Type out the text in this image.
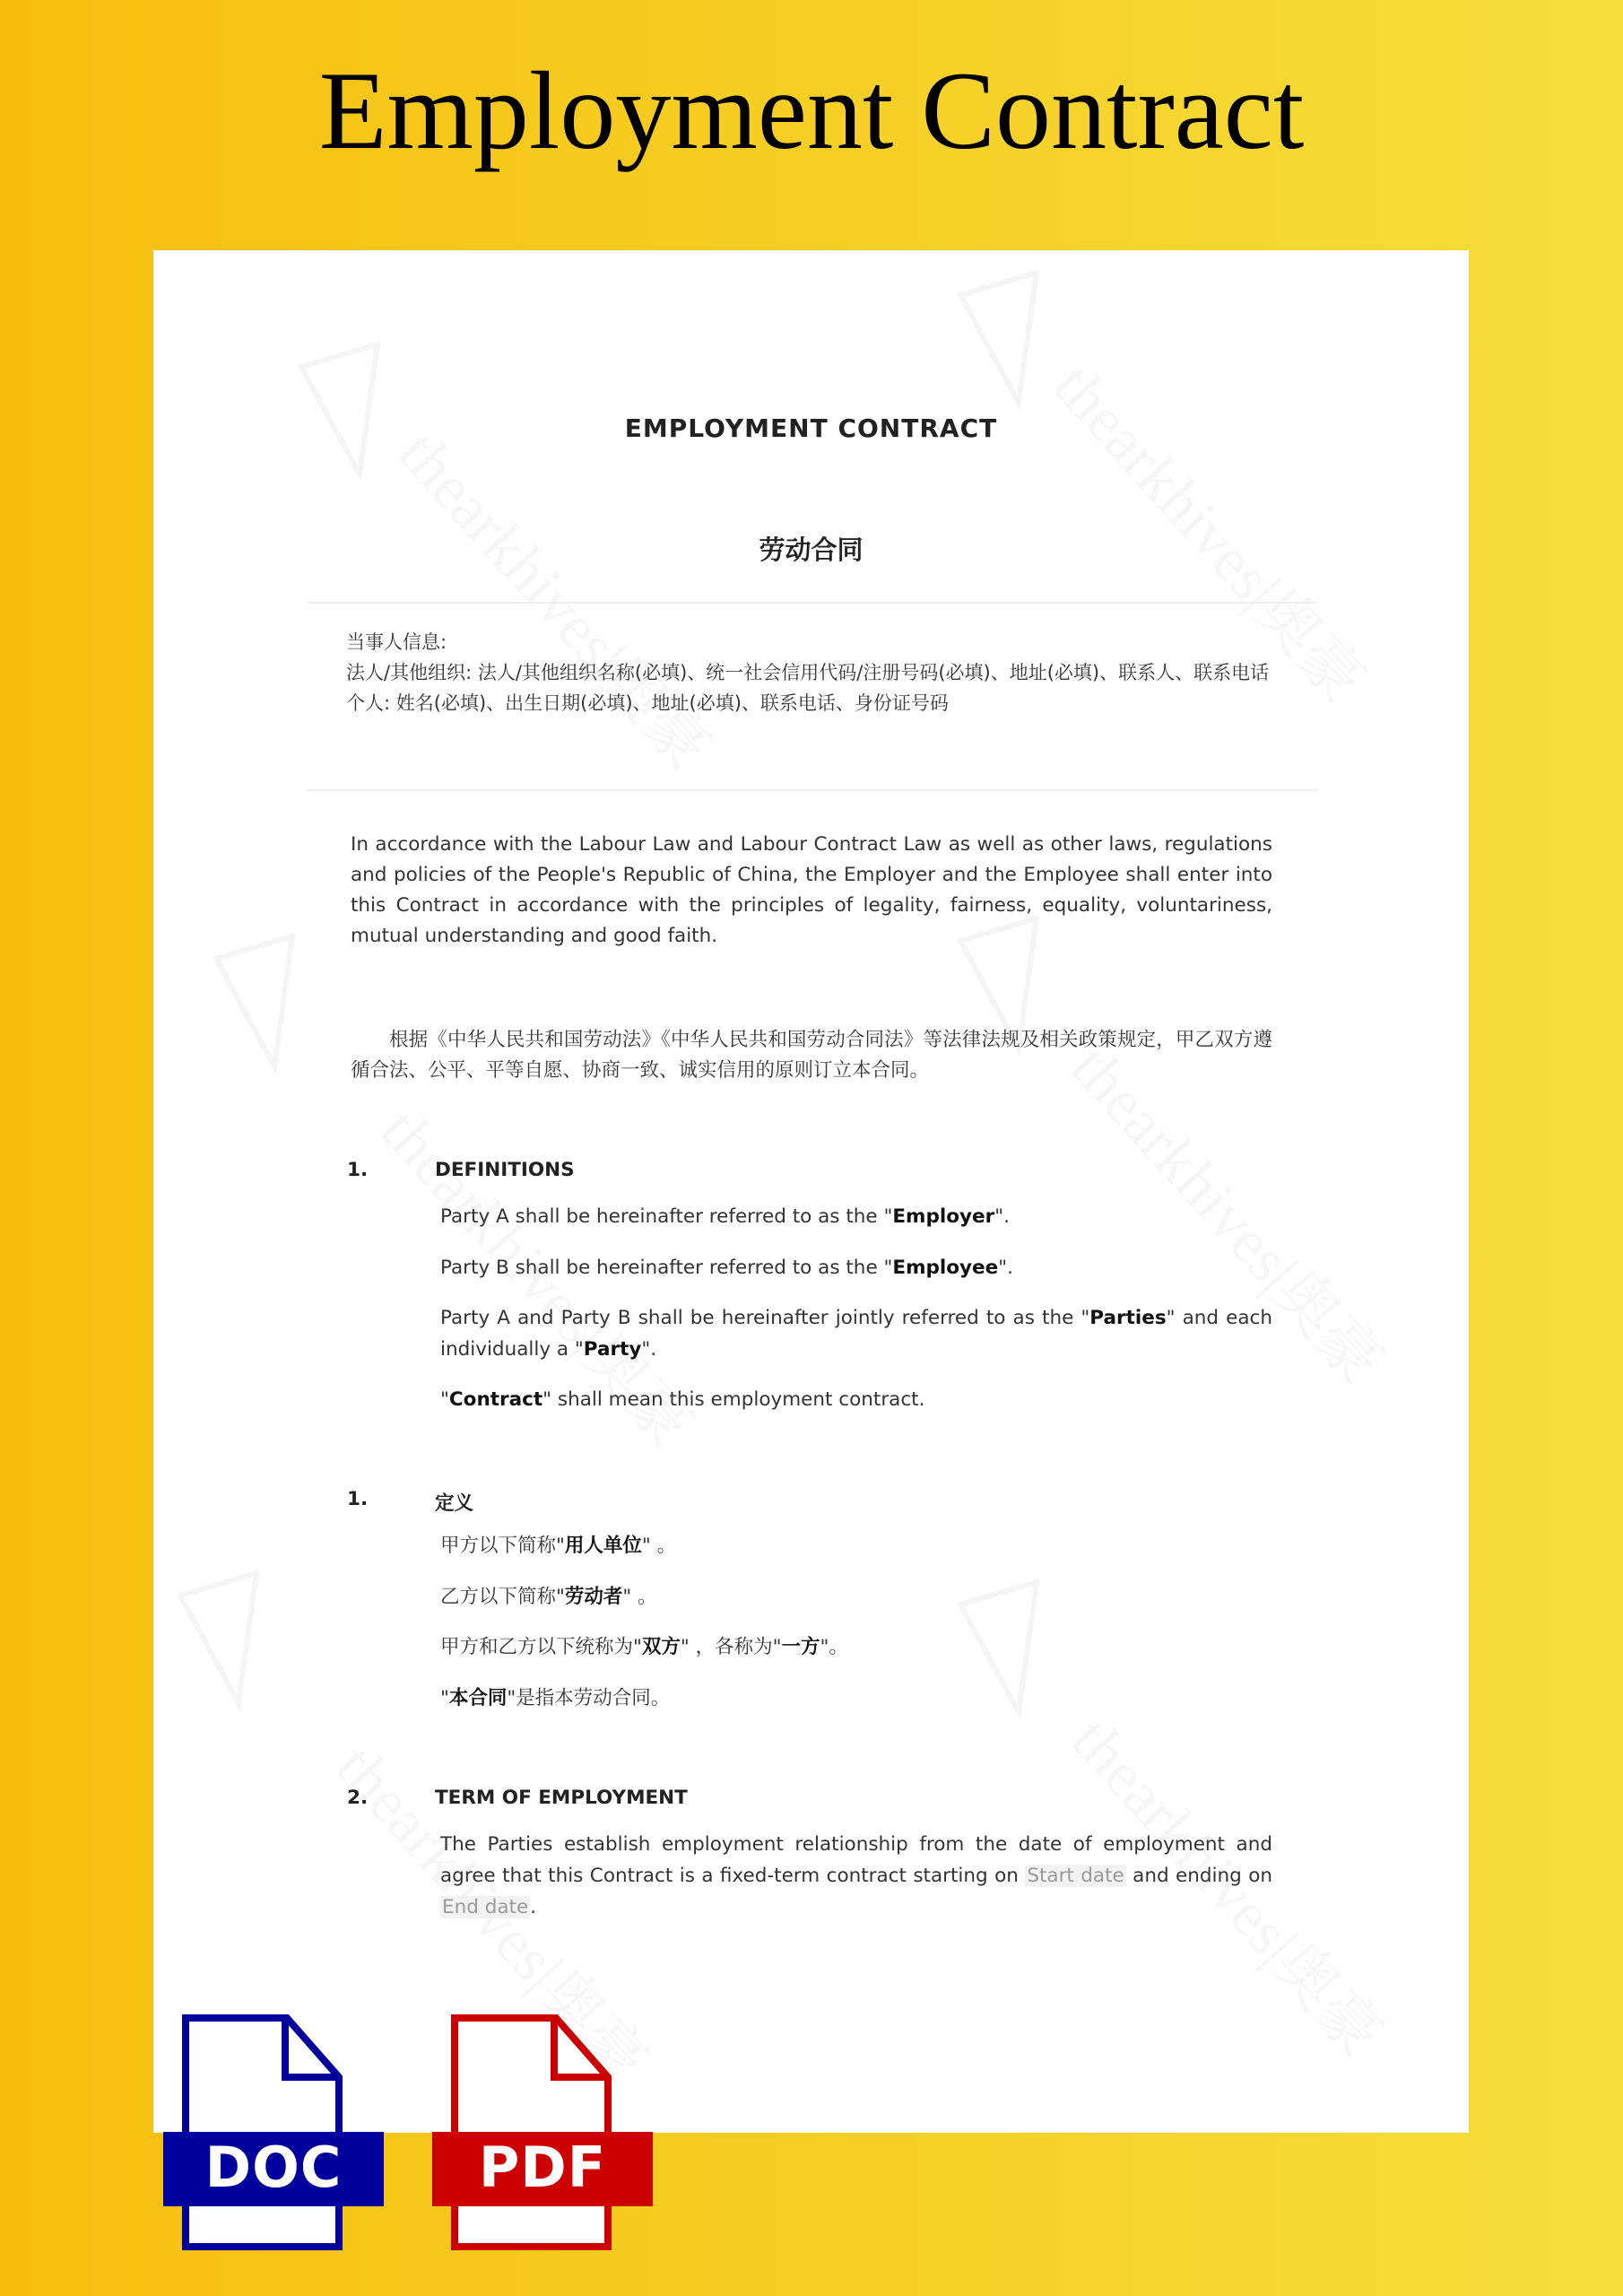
Employment Contract
EMPLOYMENT CONTRACT
劳动合同
当事人信息:
法人/其他组织: 法人/其他组织名称(必填)、统一社会信用代码/注册号码(必填)、地址(必填)、联系人、联系电话
个人: 姓名(必填)、出生日期(必填)、地址(必填)、联系电话、身份证号码
In accordance with the Labour Law and Labour Contract Law as well as other laws, regulations and policies of the People's Republic of China, the Employer and the Employee shall enter into this Contract in accordance with the principles of legality, fairness, equality, voluntariness, mutual understanding and good faith.
根据《中华人民共和国劳动法》《中华人民共和国劳动合同法》等法律法规及相关政策规定，甲乙双方遵循合法、公平、平等自愿、协商一致、诚实信用的原则订立本合同。
1.	DEFINITIONS
Party A shall be hereinafter referred to as the "Employer".
Party B shall be hereinafter referred to as the "Employee".
Party A and Party B shall be hereinafter jointly referred to as the "Parties" and each individually a "Party".
"Contract" shall mean this employment contract.
1.	定义
甲方以下简称"用人单位" 。
乙方以下简称"劳动者" 。
甲方和乙方以下统称为"双方" ，各称为"一方"。
"本合同"是指本劳动合同。
2.	TERM OF EMPLOYMENT
The Parties establish employment relationship from the date of employment and agree that this Contract is a fixed-term contract starting on Start date and ending on End date.
DOC	PDF
